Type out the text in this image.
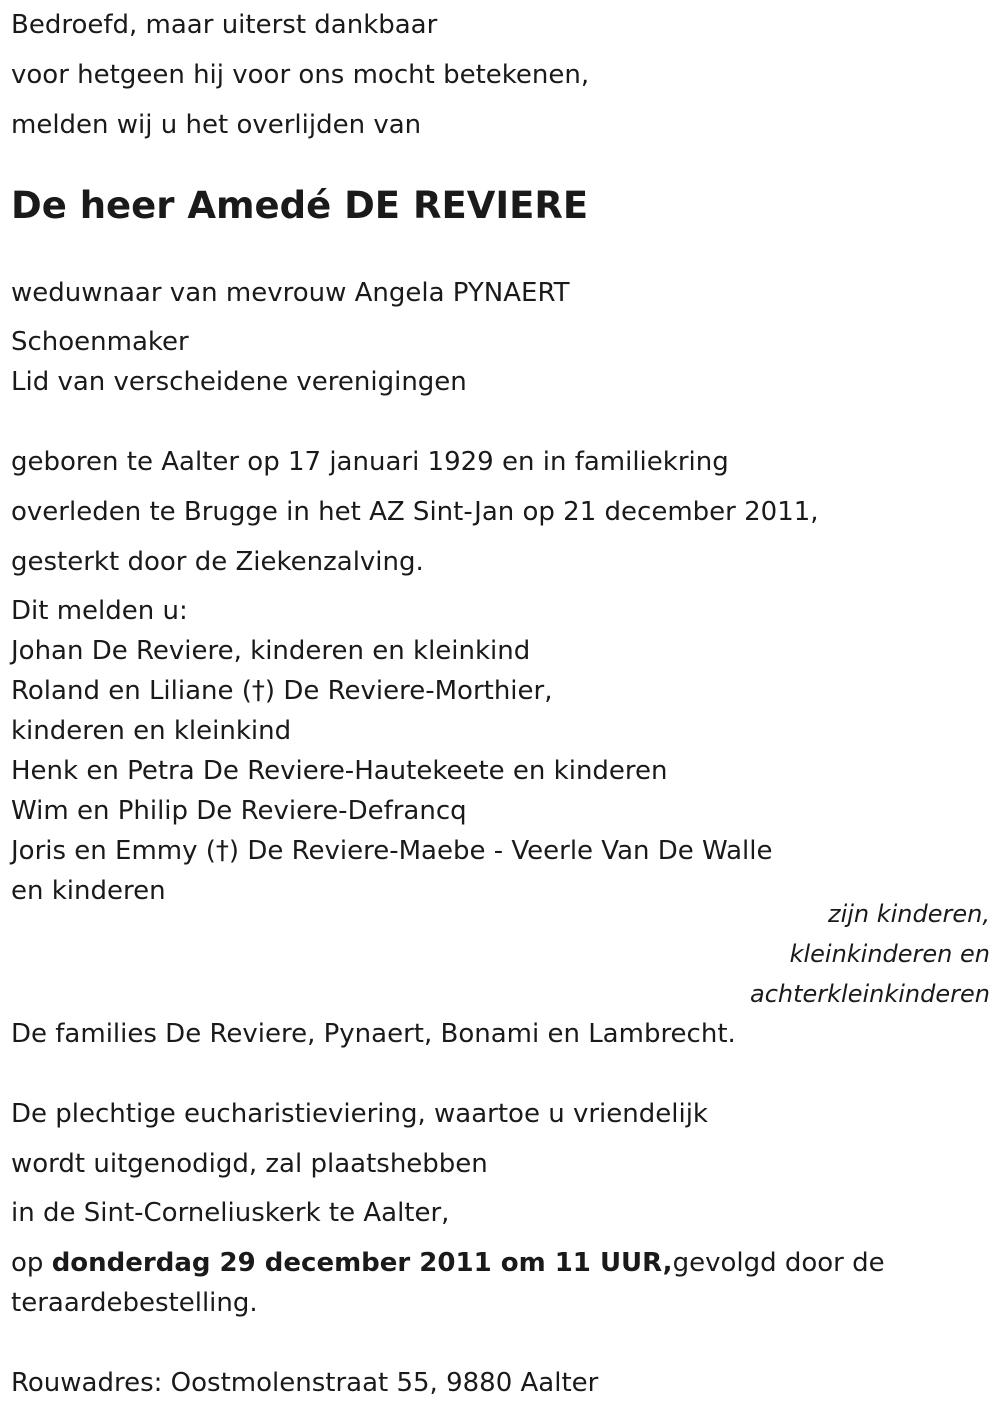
Bedroefd, maar uiterst dankbaar

voor hetgeen hij voor ons mocht betekenen,

melden wij u het overlijden van

De heer Amedé DE REVIERE

weduwnaar van mevrouw Angela PYNAERT

Schoenmaker

Lid van verscheidene verenigingen

geboren te Aalter op 17 januari 1929 en in familiekring

overleden te Brugge in het AZ Sint-Jan op 21 december 2011,

gesterkt door de Ziekenzalving.

Dit melden u:

Johan De Reviere, kinderen en kleinkind

Roland en Liliane (†) De Reviere-Morthier,

kinderen en kleinkind

Henk en Petra De Reviere-Hautekeete en kinderen

Wim en Philip De Reviere-Defrancq

Joris en Emmy (†) De Reviere-Maebe - Veerle Van De Walle

en kinderen

zijn kinderen,
kleinkinderen en
achterkleinkinderen

De families De Reviere, Pynaert, Bonami en Lambrecht.

De plechtige eucharistieviering, waartoe u vriendelijk

wordt uitgenodigd, zal plaatshebben

in de Sint-Corneliuskerk te Aalter,

op donderdag 29 december 2011 om 11 UUR,gevolgd door de

teraardebestelling.

Rouwadres: Oostmolenstraat 55, 9880 Aalter
